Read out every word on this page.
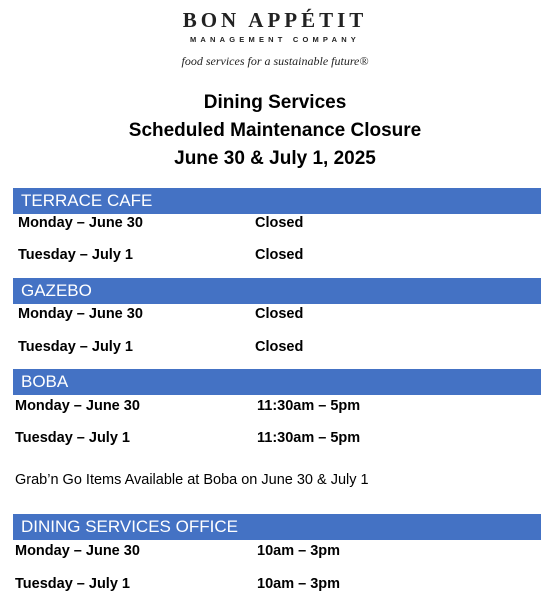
BON APPÉTIT
MANAGEMENT COMPANY
food services for a sustainable future®
Dining Services
Scheduled Maintenance Closure
June 30 & July 1, 2025
TERRACE CAFE
Monday – June 30	Closed
Tuesday – July 1	Closed
GAZEBO
Monday – June 30	Closed
Tuesday – July 1	Closed
BOBA
Monday – June 30	11:30am – 5pm
Tuesday – July 1	11:30am – 5pm
Grab’n Go Items Available at Boba on June 30 & July 1
DINING SERVICES OFFICE
Monday – June 30	10am – 3pm
Tuesday – July 1	10am – 3pm
